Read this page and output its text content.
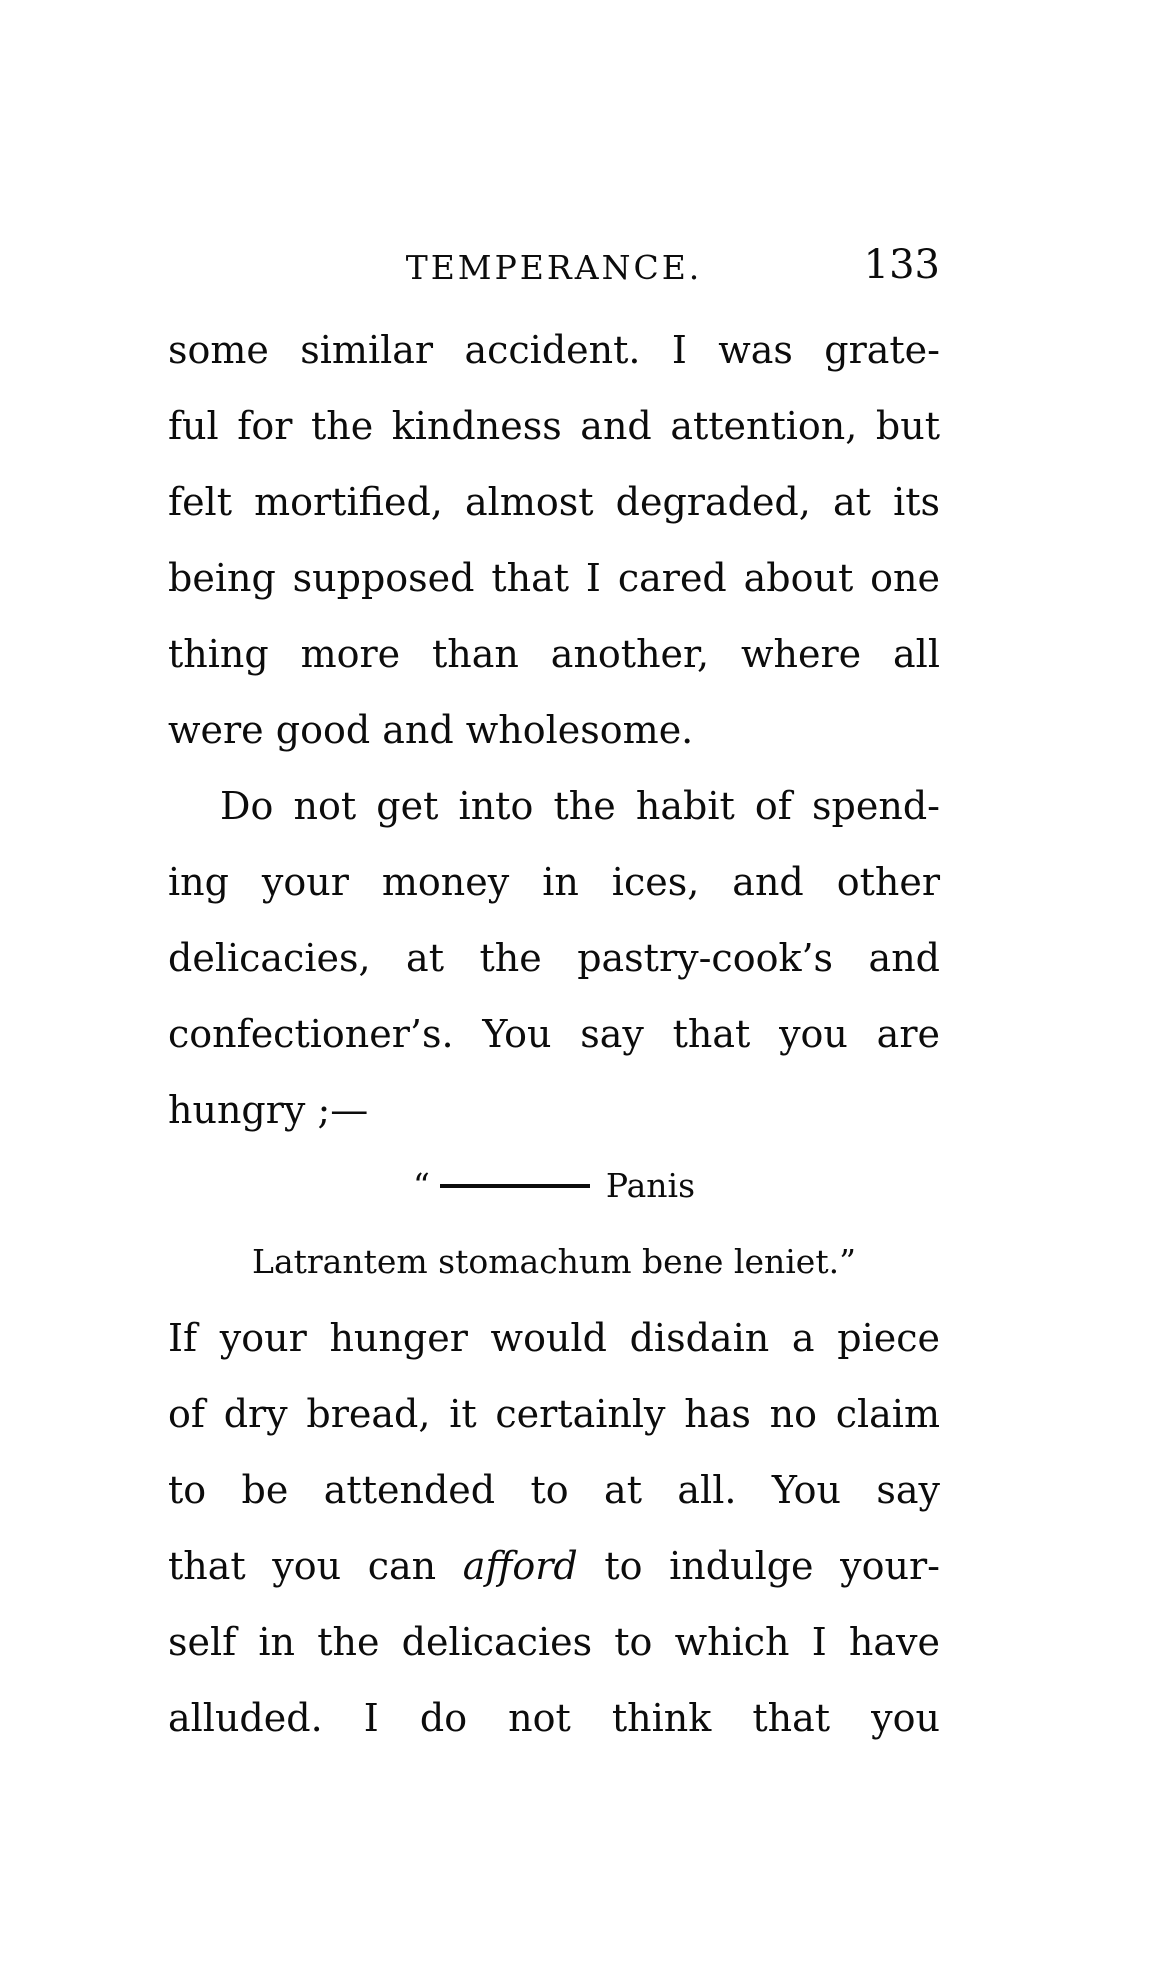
TEMPERANCE.	133
some similar accident. I was grate-
ful for the kindness and attention, but
felt mortified, almost degraded, at its
being supposed that I cared about one
thing more than another, where all
were good and wholesome.
Do not get into the habit of spend-
ing your money in ices, and other
delicacies, at the pastry-cook’s and
confectioner’s. You say that you are
hungry ;—
“	Panis
Latrantem stomachum bene leniet.”
If your hunger would disdain a piece
of dry bread, it certainly has no claim
to be attended to at all. You say
that you can afford to indulge your-
self in the delicacies to which I have
alluded. I do not think that you
